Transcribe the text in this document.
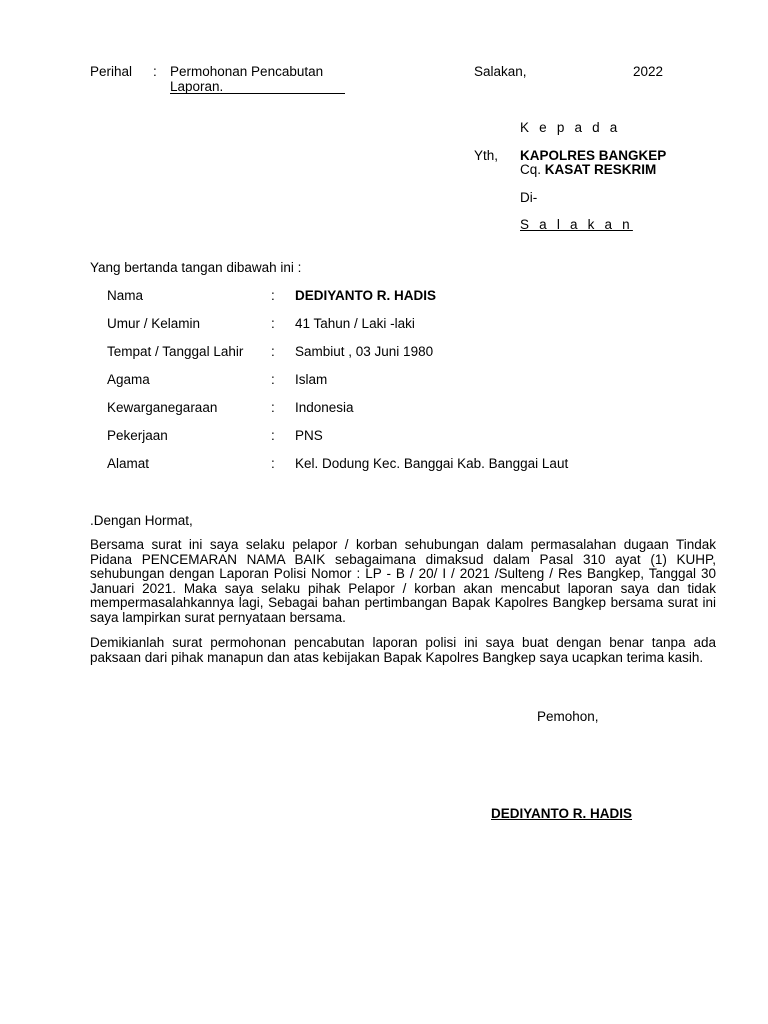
Perihal : Permohonan Pencabutan
Laporan.
Salakan,	2022
K e p a d a
Yth, KAPOLRES BANGKEP
Cq. KASAT RESKRIM
Di-
S a l a k a n
Yang bertanda tangan dibawah ini :
Nama	: DEDIYANTO R. HADIS
Umur / Kelamin	: 41 Tahun / Laki -laki
Tempat / Tanggal Lahir : Sambiut , 03 Juni 1980
Agama	: Islam
Kewarganegaraan	: Indonesia
Pekerjaan	: PNS
Alamat	: Kel. Dodung Kec. Banggai Kab. Banggai Laut
.Dengan Hormat,
Bersama surat ini saya selaku pelapor / korban sehubungan dalam permasalahan dugaan Tindak Pidana PENCEMARAN NAMA BAIK sebagaimana dimaksud dalam Pasal 310 ayat (1) KUHP, sehubungan dengan Laporan Polisi Nomor : LP - B / 20/ I / 2021 /Sulteng / Res Bangkep, Tanggal 30 Januari 2021. Maka saya selaku pihak Pelapor / korban akan mencabut laporan saya dan tidak mempermasalahkannya lagi, Sebagai bahan pertimbangan Bapak Kapolres Bangkep bersama surat ini saya lampirkan surat pernyataan bersama.
Demikianlah surat permohonan pencabutan laporan polisi ini saya buat dengan benar tanpa ada paksaan dari pihak manapun dan atas kebijakan Bapak Kapolres Bangkep saya ucapkan terima kasih.
Pemohon,
DEDIYANTO R. HADIS
